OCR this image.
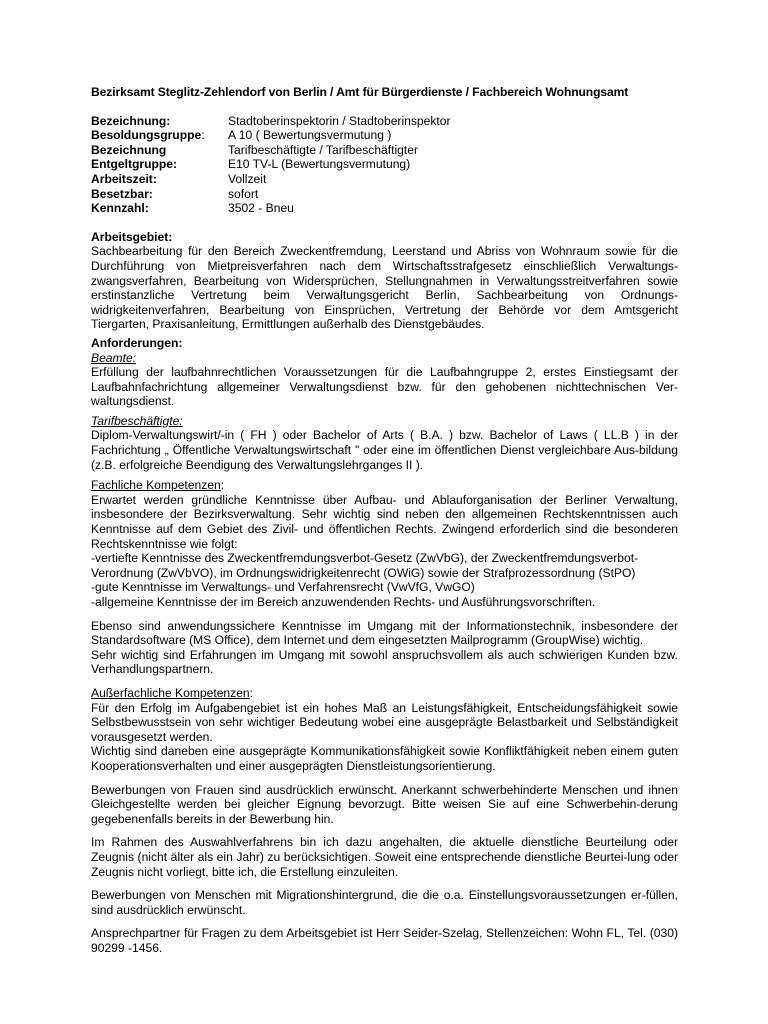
Bezirksamt Steglitz-Zehlendorf von Berlin / Amt für Bürgerdienste / Fachbereich Wohnungsamt
Bezeichnung:	Stadtoberinspektorin / Stadtoberinspektor
Besoldungsgruppe:	A 10 ( Bewertungsvermutung )
Bezeichnung	Tarifbeschäftigte / Tarifbeschäftigter
Entgeltgruppe:	E10 TV-L (Bewertungsvermutung)
Arbeitszeit:	Vollzeit
Besetzbar:	sofort
Kennzahl:	3502 - Bneu
Arbeitsgebiet:

Sachbearbeitung für den Bereich Zweckentfremdung, Leerstand und Abriss von Wohnraum sowie für die Durchführung von Mietpreisverfahren nach dem Wirtschaftsstrafgesetz einschließlich Verwaltungs-zwangsverfahren, Bearbeitung von Widersprüchen, Stellungnahmen in Verwaltungsstreitverfahren sowie erstinstanzliche Vertretung beim Verwaltungsgericht Berlin, Sachbearbeitung von Ordnungs-widrigkeitenverfahren, Bearbeitung von Einsprüchen, Vertretung der Behörde vor dem Amtsgericht Tiergarten, Praxisanleitung, Ermittlungen außerhalb des Dienstgebäudes.

Anforderungen:
Beamte:

Erfüllung der laufbahnrechtlichen Voraussetzungen für die Laufbahngruppe 2, erstes Einstiegsamt der Laufbahnfachrichtung allgemeiner Verwaltungsdienst bzw. für den gehobenen nichttechnischen Ver-waltungsdienst.

Tarifbeschäftigte:

Diplom-Verwaltungswirt/-in ( FH ) oder Bachelor of Arts ( B.A. ) bzw. Bachelor of Laws ( LL.B ) in der Fachrichtung „ Öffentliche Verwaltungswirtschaft " oder eine im öffentlichen Dienst vergleichbare Aus-bildung (z.B. erfolgreiche Beendigung des Verwaltungslehrganges II ).

Fachliche Kompetenzen:

Erwartet werden gründliche Kenntnisse über Aufbau- und Ablauforganisation der Berliner Verwaltung, insbesondere der Bezirksverwaltung. Sehr wichtig sind neben den allgemeinen Rechtskenntnissen auch Kenntnisse auf dem Gebiet des Zivil- und öffentlichen Rechts. Zwingend erforderlich sind die besonderen Rechtskenntnisse wie folgt:

-vertiefte Kenntnisse des Zweckentfremdungsverbot-Gesetz (ZwVbG), der Zweckentfremdungsverbot-
Verordnung (ZwVbVO), im Ordnungswidrigkeitenrecht (OWiG) sowie der Strafprozessordnung (StPO)
-gute Kenntnisse im Verwaltungs- und Verfahrensrecht (VwVfG, VwGO)
-allgemeine Kenntnisse der im Bereich anzuwendenden Rechts- und Ausführungsvorschriften.

Ebenso sind anwendungssichere Kenntnisse im Umgang mit der Informationstechnik, insbesondere der Standardsoftware (MS Office), dem Internet und dem eingesetzten Mailprogramm (GroupWise) wichtig.

Sehr wichtig sind Erfahrungen im Umgang mit sowohl anspruchsvollem als auch schwierigen Kunden bzw. Verhandlungspartnern.

Außerfachliche Kompetenzen:

Für den Erfolg im Aufgabengebiet ist ein hohes Maß an Leistungsfähigkeit, Entscheidungsfähigkeit sowie Selbstbewusstsein von sehr wichtiger Bedeutung wobei eine ausgeprägte Belastbarkeit und Selbständigkeit vorausgesetzt werden.

Wichtig sind daneben eine ausgeprägte Kommunikationsfähigkeit sowie Konfliktfähigkeit neben einem guten Kooperationsverhalten und einer ausgeprägten Dienstleistungsorientierung.

Bewerbungen von Frauen sind ausdrücklich erwünscht. Anerkannt schwerbehinderte Menschen und ihnen Gleichgestellte werden bei gleicher Eignung bevorzugt. Bitte weisen Sie auf eine Schwerbehin-derung gegebenenfalls bereits in der Bewerbung hin.

Im Rahmen des Auswahlverfahrens bin ich dazu angehalten, die aktuelle dienstliche Beurteilung oder Zeugnis (nicht älter als ein Jahr) zu berücksichtigen. Soweit eine entsprechende dienstliche Beurtei-lung oder Zeugnis nicht vorliegt, bitte ich, die Erstellung einzuleiten.

Bewerbungen von Menschen mit Migrationshintergrund, die die o.a. Einstellungsvoraussetzungen er-füllen, sind ausdrücklich erwünscht.

Ansprechpartner für Fragen zu dem Arbeitsgebiet ist Herr Seider-Szelag, Stellenzeichen: Wohn FL, Tel. (030) 90299 -1456.
